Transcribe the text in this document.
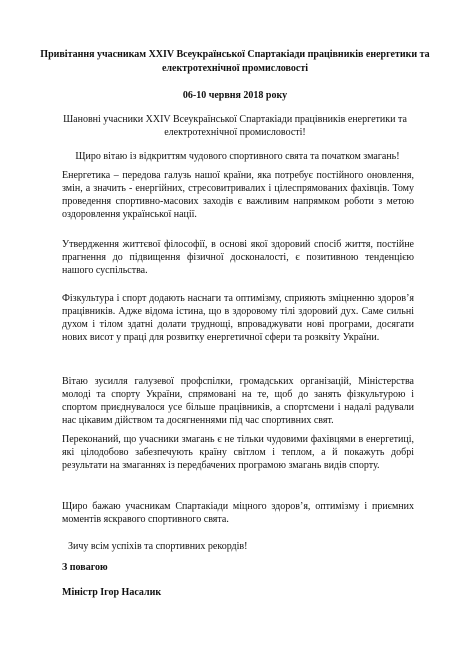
Привітання учасникам XXIV Всеукраїнської Спартакіади працівників енергетики та електротехнічної промисловості
06-10 червня 2018 року
Шановні учасники XXIV Всеукраїнської Спартакіади працівників енергетики та електротехнічної промисловості!

Щиро вітаю із відкриттям чудового спортивного свята та початком змагань!

Енергетика – передова галузь нашої країни, яка потребує постійного оновлення, змін, а значить - енергійних, стресовитривалих і цілеспрямованих фахівців. Тому проведення спортивно-масових заходів є важливим напрямком роботи з метою оздоровлення української нації.

Утвердження життєвої філософії, в основі якої здоровий спосіб життя, постійне прагнення до підвищення фізичної досконалості, є позитивною тенденцією нашого суспільства.

Фізкультура і спорт додають наснаги та оптимізму, сприяють зміцненню здоров’я працівників. Адже відома істина, що в здоровому тілі здоровий дух. Саме сильні духом і тілом здатні долати труднощі, впроваджувати нові програми, досягати нових висот у праці для розвитку енергетичної сфери та розквіту України.

Вітаю зусилля галузевої профспілки, громадських організацій, Міністерства молоді та спорту України, спрямовані на те, щоб до занять фізкультурою і спортом приєднувалося усе більше працівників, а спортсмени і надалі радували нас цікавим дійством та досягненнями під час спортивних свят.

Переконаний, що учасники змагань є не тільки чудовими фахівцями в енергетиці, які цілодобово забезпечують країну світлом і теплом, а й покажуть добрі результати на змаганнях із передбачених програмою змагань видів спорту.

Щиро бажаю учасникам Спартакіади міцного здоров’я, оптимізму і приємних моментів яскравого спортивного свята.

Зичу всім успіхів та спортивних рекордів!

З повагою
Міністр Ігор Насалик
